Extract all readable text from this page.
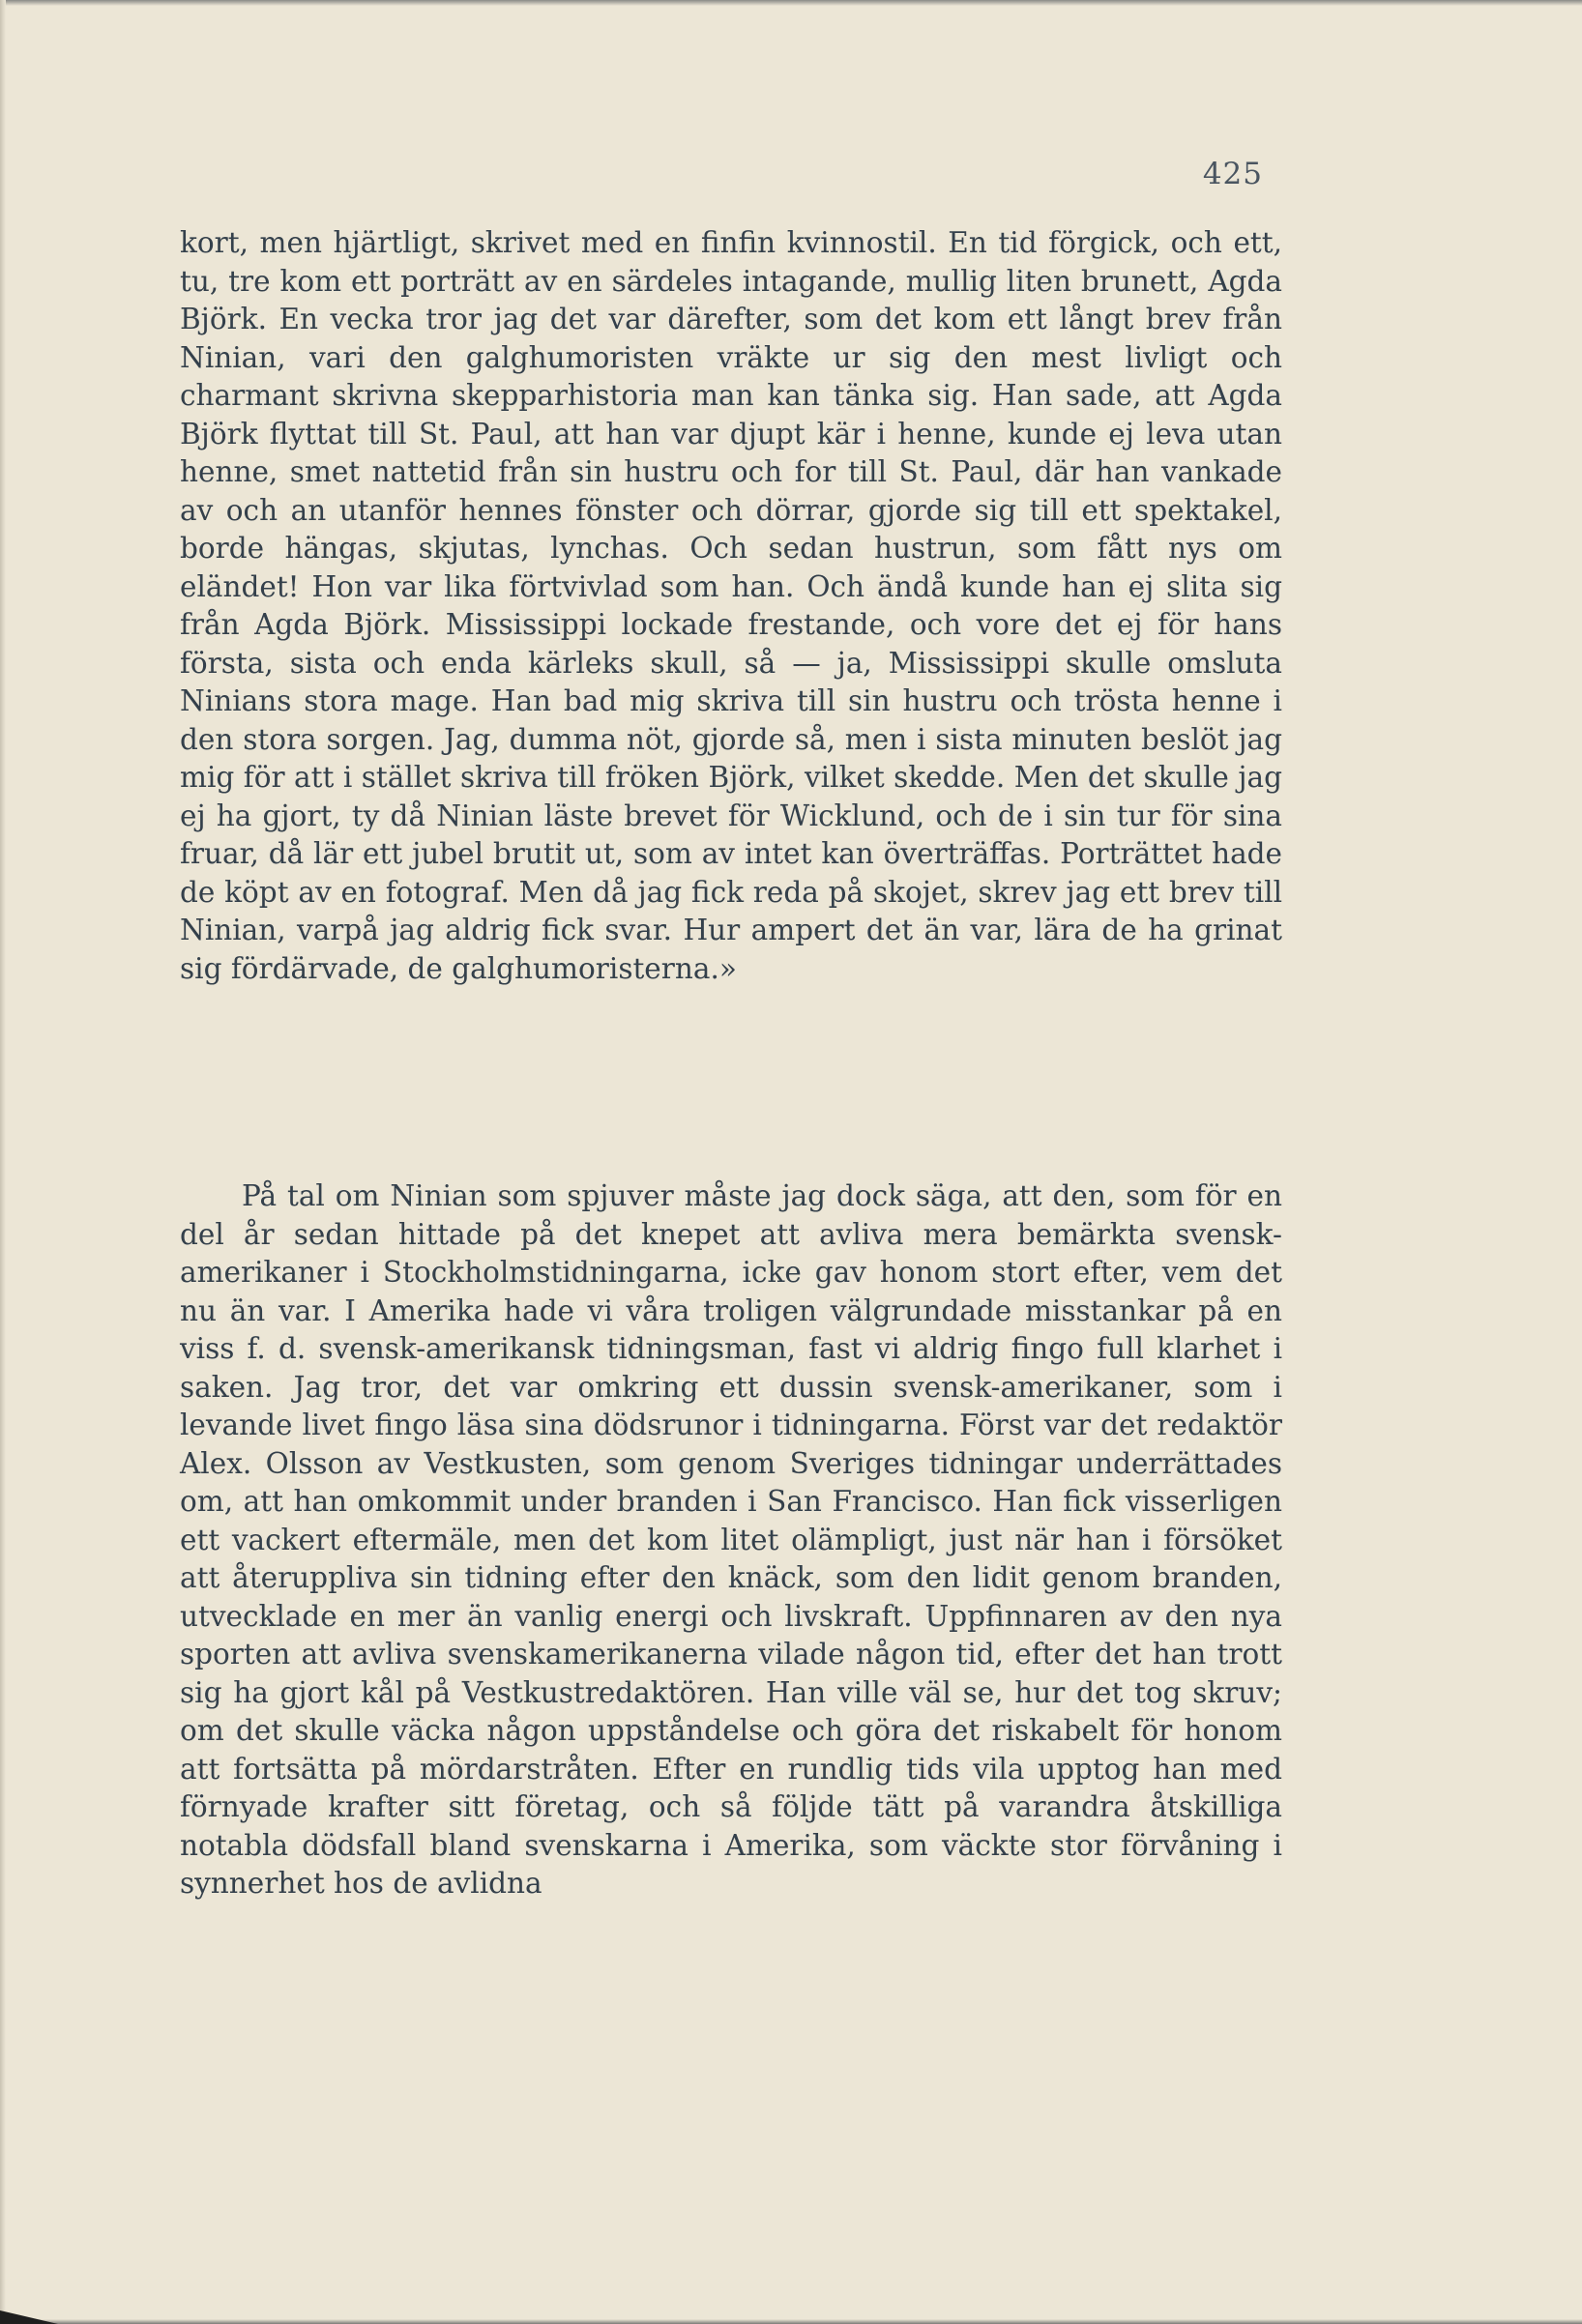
425

kort, men hjärtligt, skrivet med en finfin kvinnostil. En tid förgick, och ett, tu, tre kom ett porträtt av en särdeles intagande, mullig liten brunett, Agda Björk. En vecka tror jag det var därefter, som det kom ett långt brev från Ninian, vari den galghumoristen vräkte ur sig den mest livligt och charmant skrivna skepparhistoria man kan tänka sig. Han sade, att Agda Björk flyttat till St. Paul, att han var djupt kär i henne, kunde ej leva utan henne, smet nattetid från sin hustru och for till St. Paul, där han vankade av och an utanför hennes fönster och dörrar, gjorde sig till ett spektakel, borde hängas, skjutas, lynchas. Och sedan hustrun, som fått nys om eländet! Hon var lika förtvivlad som han. Och ändå kunde han ej slita sig från Agda Björk. Mississippi lockade frestande, och vore det ej för hans första, sista och enda kärleks skull, så — ja, Mississippi skulle omsluta Ninians stora mage. Han bad mig skriva till sin hustru och trösta henne i den stora sorgen. Jag, dumma nöt, gjorde så, men i sista minuten beslöt jag mig för att i stället skriva till fröken Björk, vilket skedde. Men det skulle jag ej ha gjort, ty då Ninian läste brevet för Wicklund, och de i sin tur för sina fruar, då lär ett jubel brutit ut, som av intet kan överträffas. Porträttet hade de köpt av en fotograf. Men då jag fick reda på skojet, skrev jag ett brev till Ninian, varpå jag aldrig fick svar. Hur ampert det än var, lära de ha grinat sig fördärvade, de galghumoristerna.»

På tal om Ninian som spjuver måste jag dock säga, att den, som för en del år sedan hittade på det knepet att avliva mera bemärkta svensk-amerikaner i Stockholmstidningarna, icke gav honom stort efter, vem det nu än var. I Amerika hade vi våra troligen välgrundade misstankar på en viss f. d. svensk-amerikansk tidningsman, fast vi aldrig fingo full klarhet i saken. Jag tror, det var omkring ett dussin svensk-amerikaner, som i levande livet fingo läsa sina dödsrunor i tidningarna. Först var det redaktör Alex. Olsson av Vestkusten, som genom Sveriges tidningar underrättades om, att han omkommit under branden i San Francisco. Han fick visserligen ett vackert eftermäle, men det kom litet olämpligt, just när han i försöket att återuppliva sin tidning efter den knäck, som den lidit genom branden, utvecklade en mer än vanlig energi och livskraft. Uppfinnaren av den nya sporten att avliva svenskamerikanerna vilade någon tid, efter det han trott sig ha gjort kål på Vestkustredaktören. Han ville väl se, hur det tog skruv; om det skulle väcka någon uppståndelse och göra det riskabelt för honom att fortsätta på mördarstråten. Efter en rundlig tids vila upptog han med förnyade krafter sitt företag, och så följde tätt på varandra åtskilliga notabla dödsfall bland svenskarna i Amerika, som väckte stor förvåning i synnerhet hos de avlidna
